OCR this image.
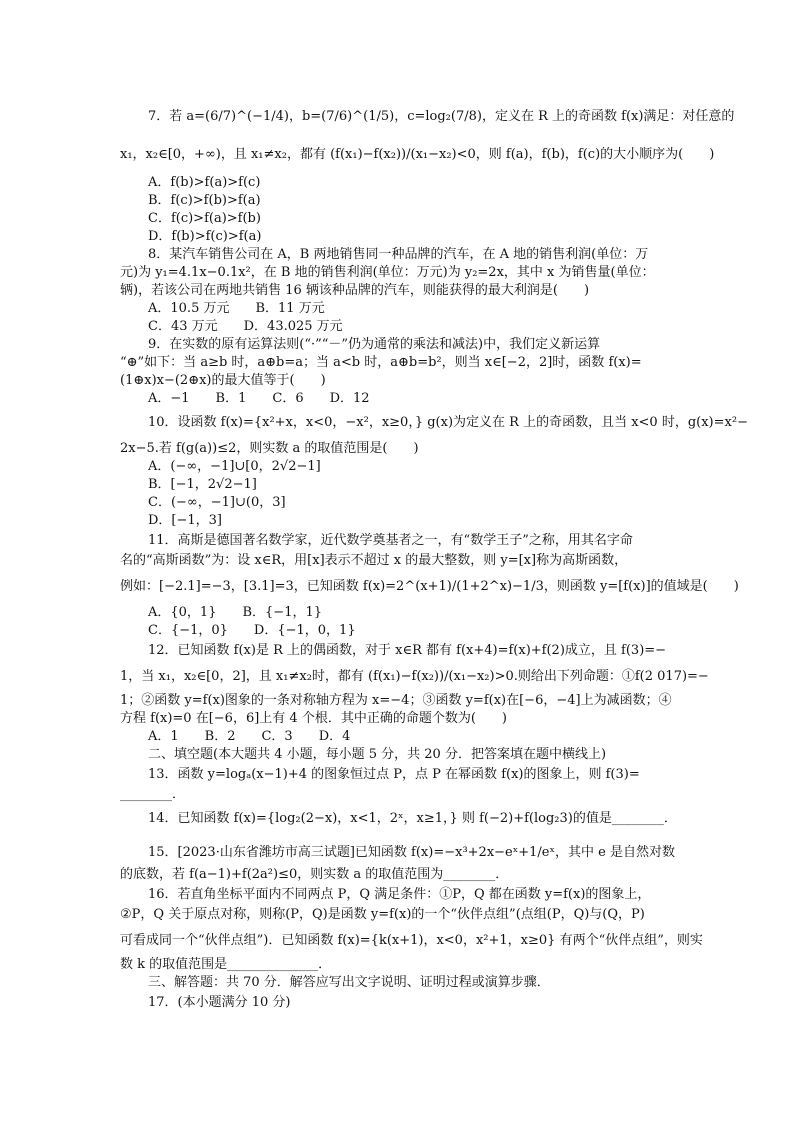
7．若 a=(6/7)^(−1/4)，b=(7/6)^(1/5)，c=log₂(7/8)，定义在 R 上的奇函数 f(x)满足：对任意的
x₁，x₂∈[0，+∞)，且 x₁≠x₂，都有 (f(x₁)−f(x₂))/(x₁−x₂)<0，则 f(a)，f(b)，f(c)的大小顺序为(　　)
A．f(b)>f(a)>f(c)
B．f(c)>f(b)>f(a)
C．f(c)>f(a)>f(b)
D．f(b)>f(c)>f(a)
8．某汽车销售公司在 A，B 两地销售同一种品牌的汽车，在 A 地的销售利润(单位：万
元)为 y₁=4.1x−0.1x²，在 B 地的销售利润(单位：万元)为 y₂=2x，其中 x 为销售量(单位：
辆)，若该公司在两地共销售 16 辆该种品牌的汽车，则能获得的最大利润是(　　)
A．10.5 万元　　B．11 万元
C．43 万元　　D．43.025 万元
9．在实数的原有运算法则(“·”“－”仍为通常的乘法和减法)中，我们定义新运算
“⊕”如下：当 a≥b 时，a⊕b=a；当 a<b 时，a⊕b=b²，则当 x∈[−2，2]时，函数 f(x)=
(1⊕x)x−(2⊕x)的最大值等于(　　)
A．−1　　B．1　　C．6　　D．12
10．设函数 f(x)={x²+x，x<0，−x²，x≥0，} g(x)为定义在 R 上的奇函数，且当 x<0 时，g(x)=x²−
2x−5.若 f(g(a))≤2，则实数 a 的取值范围是(　　)
A．(−∞，−1]∪[0，2√2−1]
B．[−1，2√2−1]
C．(−∞，−1]∪(0，3]
D．[−1，3]
11．高斯是德国著名数学家，近代数学奠基者之一，有“数学王子”之称，用其名字命
名的“高斯函数”为：设 x∈R，用[x]表示不超过 x 的最大整数，则 y=[x]称为高斯函数，
例如：[−2.1]=−3，[3.1]=3，已知函数 f(x)=2^(x+1)/(1+2^x)−1/3，则函数 y=[f(x)]的值域是(　　)
A．{0，1}　　B．{−1，1}
C．{−1，0}　　D．{−1，0，1}
12．已知函数 f(x)是 R 上的偶函数，对于 x∈R 都有 f(x+4)=f(x)+f(2)成立，且 f(3)=−
1，当 x₁，x₂∈[0，2]，且 x₁≠x₂时，都有 (f(x₁)−f(x₂))/(x₁−x₂)>0.则给出下列命题：①f(2 017)=−
1；②函数 y=f(x)图象的一条对称轴方程为 x=−4；③函数 y=f(x)在[−6，−4]上为减函数；④
方程 f(x)=0 在[−6，6]上有 4 个根．其中正确的命题个数为(　　)
A．1　　B．2　　C．3　　D．4
二、填空题(本大题共 4 小题，每小题 5 分，共 20 分．把答案填在题中横线上)
13．函数 y=logₐ(x−1)+4 的图象恒过点 P，点 P 在幂函数 f(x)的图象上，则 f(3)=
________．
14．已知函数 f(x)={log₂(2−x)，x<1，2ˣ，x≥1，} 则 f(−2)+f(log₂3)的值是________．
15．[2023·山东省潍坊市高三试题]已知函数 f(x)=−x³+2x−eˣ+1/eˣ，其中 e 是自然对数
的底数，若 f(a−1)+f(2a²)≤0，则实数 a 的取值范围为________．
16．若直角坐标平面内不同两点 P，Q 满足条件：①P，Q 都在函数 y=f(x)的图象上，
②P，Q 关于原点对称，则称(P，Q)是函数 y=f(x)的一个“伙伴点组”(点组(P，Q)与(Q，P)
可看成同一个“伙伴点组”)．已知函数 f(x)={k(x+1)，x<0，x²+1，x≥0} 有两个“伙伴点组”，则实
数 k 的取值范围是______________．
三、解答题：共 70 分．解答应写出文字说明、证明过程或演算步骤．
17．(本小题满分 10 分)
